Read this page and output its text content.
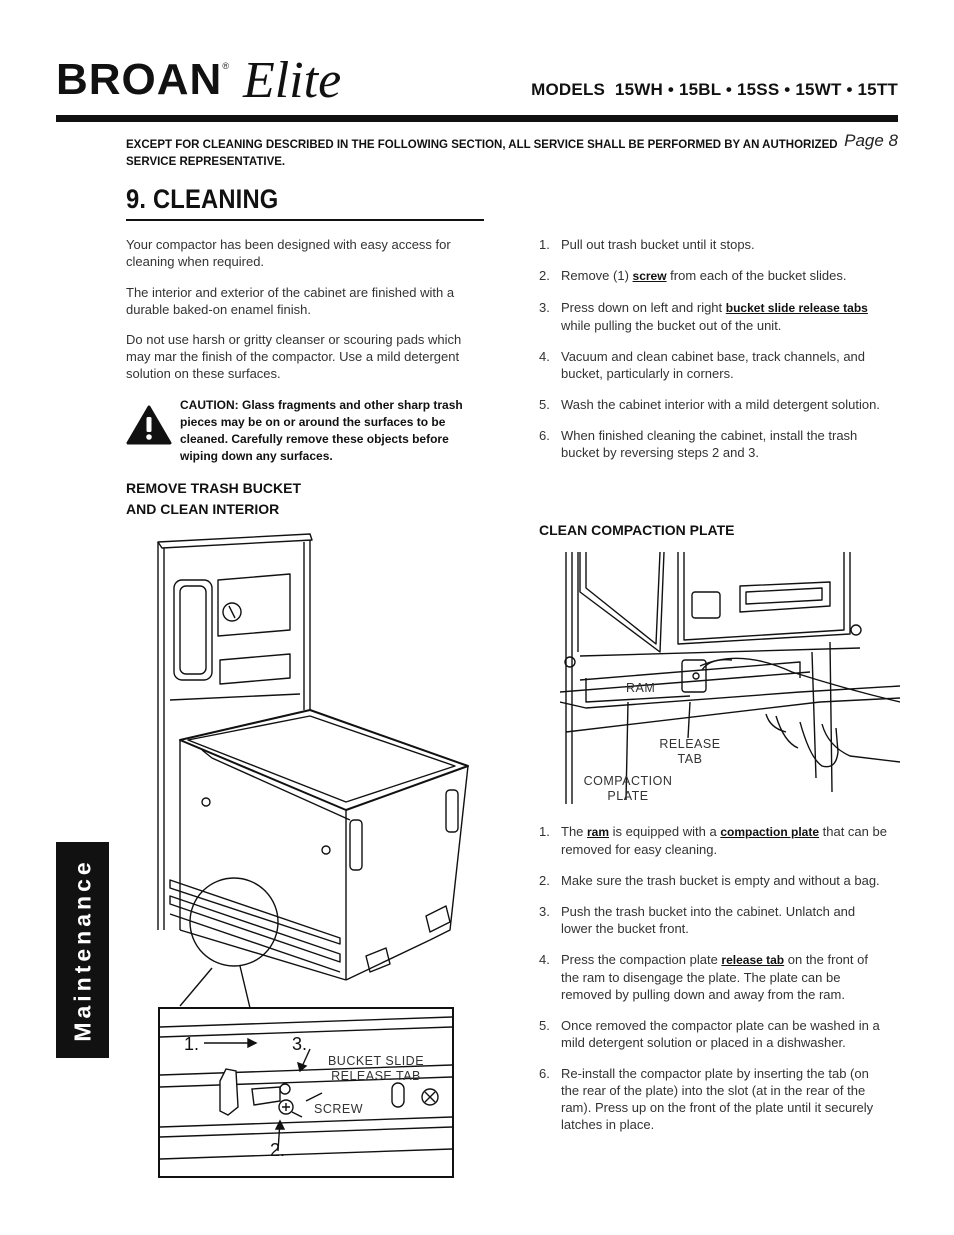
BROAN ® Elite	MODELS  15WH • 15BL • 15SS • 15WT • 15TT
EXCEPT FOR CLEANING DESCRIBED IN THE FOLLOWING SECTION, ALL SERVICE SHALL BE PERFORMED BY AN AUTHORIZED SERVICE REPRESENTATIVE.
Page 8
9. CLEANING

Your compactor has been designed with easy access for cleaning when required.

The interior and exterior of the cabinet are finished with a durable baked-on enamel finish.

Do not use harsh or gritty cleanser or scouring pads which may mar the finish of the compactor. Use a mild detergent solution on these surfaces.

CAUTION: Glass fragments and other sharp trash pieces may be on or around the surfaces to be cleaned. Carefully remove these objects before wiping down any surfaces.
REMOVE TRASH BUCKET
AND CLEAN INTERIOR
1.	3.
2.
BUCKET SLIDE
RELEASE TAB
SCREW
1. Pull out trash bucket until it stops.
2. Remove (1) screw from each of the bucket slides.
3. Press down on left and right bucket slide release tabs while pulling the bucket out of the unit.
4. Vacuum and clean cabinet base, track channels, and bucket, particularly in corners.
5. Wash the cabinet interior with a mild detergent solution.
6. When finished cleaning the cabinet, install the trash bucket by reversing steps 2 and 3.
CLEAN COMPACTION PLATE
RAM
RELEASE
TAB
COMPACTION
PLATE
1. The ram is equipped with a compaction plate that can be removed for easy cleaning.
2. Make sure the trash bucket is empty and without a bag.
3. Push the trash bucket into the cabinet. Unlatch and lower the bucket front.
4. Press the compaction plate release tab on the front of the ram to disengage the plate. The plate can be removed by pulling down and away from the ram.
5. Once removed the compactor plate can be washed in a mild detergent solution or placed in a dishwasher.
6. Re-install the compactor plate by inserting the tab (on the rear of the plate) into the slot (at in the rear of the ram). Press up on the front of the plate until it securely latches in place.
Maintenance
